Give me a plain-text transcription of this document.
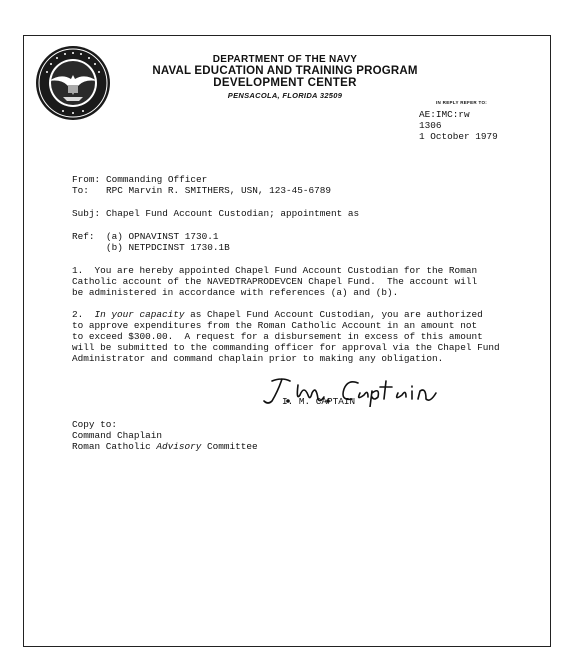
DEPARTMENT OF THE NAVY
NAVAL EDUCATION AND TRAINING PROGRAM
DEVELOPMENT CENTER
PENSACOLA, FLORIDA 32509
IN REPLY REFER TO:
AE:IMC:rw
1306
1 October 1979
From: Commanding Officer
To: RPC Marvin R. SMITHERS, USN, 123-45-6789
Subj: Chapel Fund Account Custodian; appointment as
Ref: (a) OPNAVINST 1730.1
(b) NETPDCINST 1730.1B
1.  You are hereby appointed Chapel Fund Account Custodian for the Roman
Catholic account of the NAVEDTRAPRODEVCEN Chapel Fund.  The account will
be administered in accordance with references (a) and (b).
2.  In your capacity as Chapel Fund Account Custodian, you are authorized
to approve expenditures from the Roman Catholic Account in an amount not
to exceed $300.00.  A request for a disbursement in excess of this amount
will be submitted to the commanding officer for approval via the Chapel Fund
Administrator and command chaplain prior to making any obligation.
I. M. CAPTAIN
Copy to:
Command Chaplain
Roman Catholic Advisory Committee
